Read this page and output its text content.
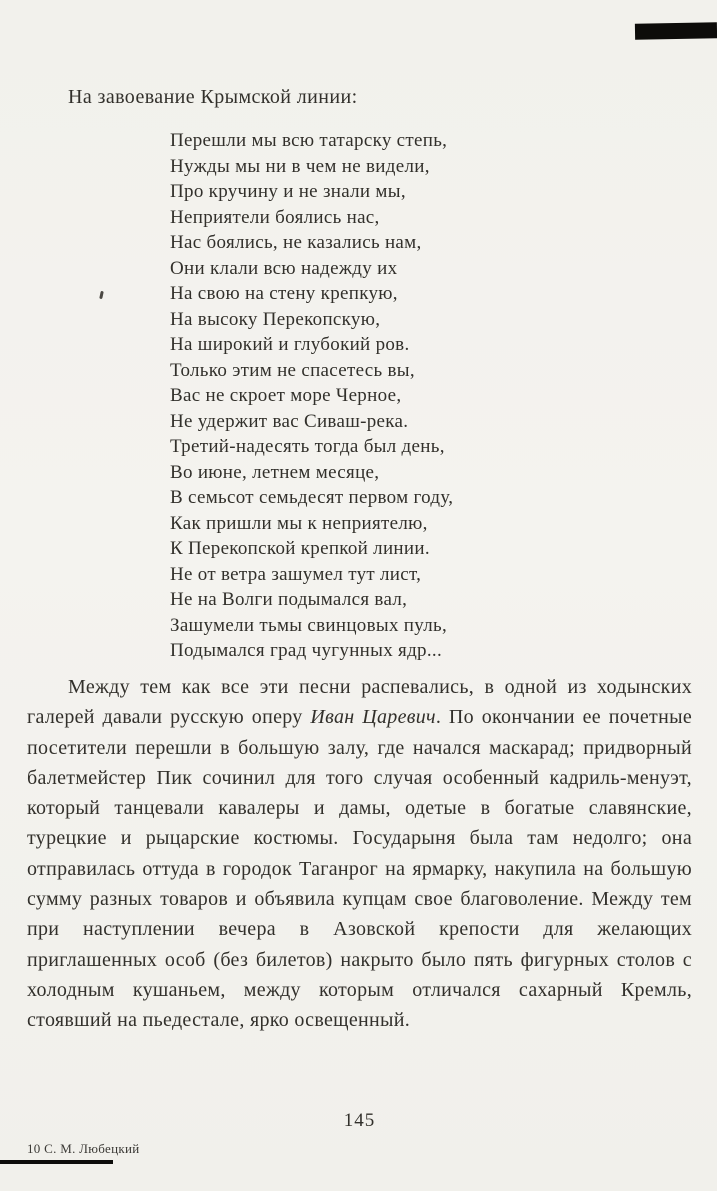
На завоевание Крымской линии:
Перешли мы всю татарску степь,
Нужды мы ни в чем не видели,
Про кручину и не знали мы,
Неприятели боялись нас,
Нас боялись, не казались нам,
Они клали всю надежду их
На свою на стену крепкую,
На высоку Перекопскую,
На широкий и глубокий ров.
Только этим не спасетесь вы,
Вас не скроет море Черное,
Не удержит вас Сиваш-река.
Третий-надесять тогда был день,
Во июне, летнем месяце,
В семьсот семьдесят первом году,
Как пришли мы к неприятелю,
К Перекопской крепкой линии.
Не от ветра зашумел тут лист,
Не на Волги подымался вал,
Зашумели тьмы свинцовых пуль,
Подымался град чугунных ядр...

Между тем как все эти песни распевались, в одной из ходынских галерей давали русскую оперу Иван Царевич. По окончании ее почетные посетители перешли в большую залу, где начался маскарад; придворный балетмейстер Пик сочинил для того случая особенный кадриль-менуэт, который танцевали кавалеры и дамы, одетые в богатые славянские, турецкие и рыцарские костюмы. Государыня была там недолго; она отправилась оттуда в городок Таганрог на ярмарку, накупила на большую сумму разных товаров и объявила купцам свое благоволение. Между тем при наступлении вечера в Азовской крепости для желающих приглашенных особ (без билетов) накрыто было пять фигурных столов с холодным кушаньем, между которым отличался сахарный Кремль, стоявший на пьедестале, ярко освещенный.

145
10 С. М. Любецкий
